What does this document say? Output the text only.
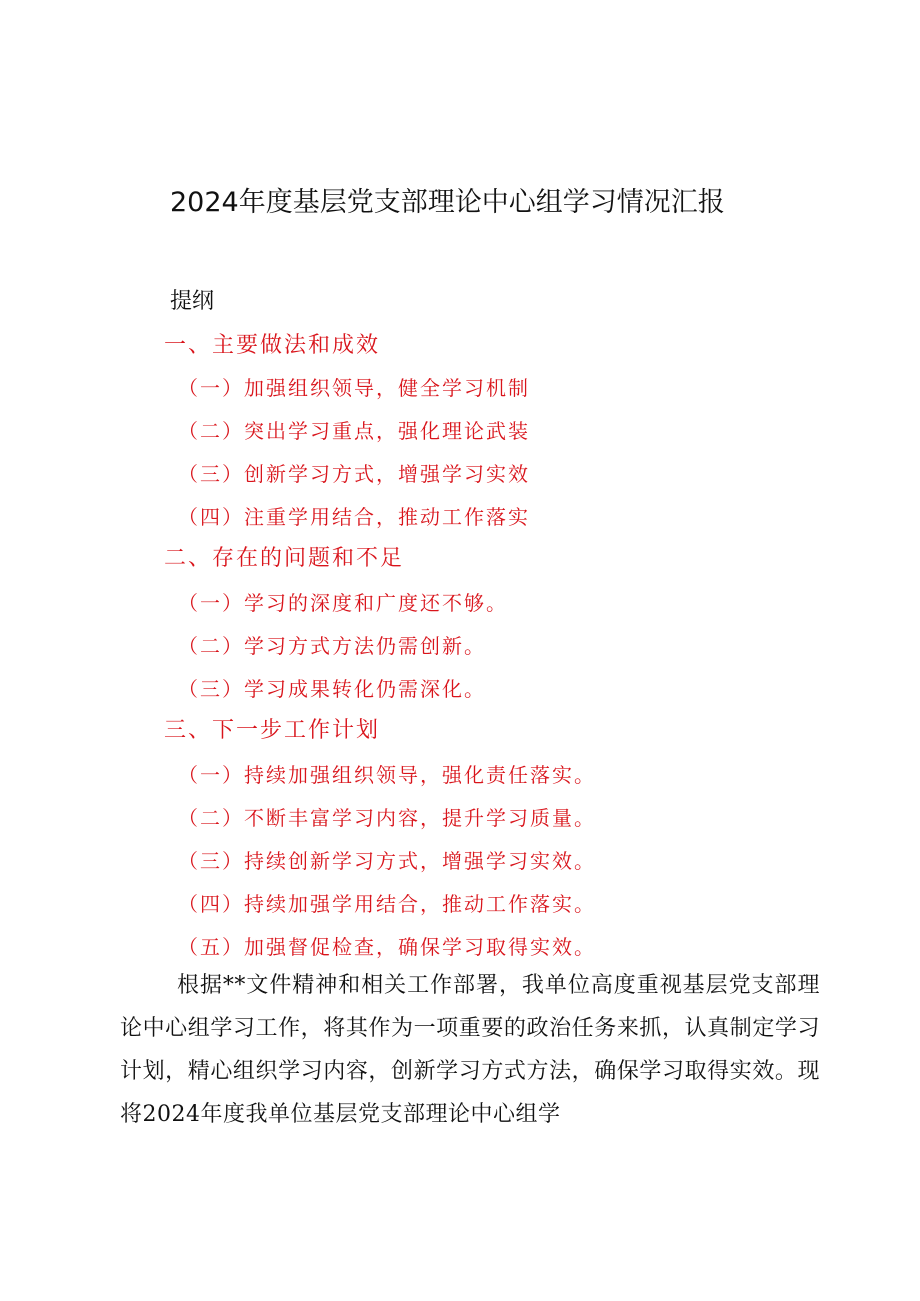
2024年度基层党支部理论中心组学习情况汇报
提纲
一、主要做法和成效
（一）加强组织领导，健全学习机制
（二）突出学习重点，强化理论武装
（三）创新学习方式，增强学习实效
（四）注重学用结合，推动工作落实
二、存在的问题和不足
（一）学习的深度和广度还不够。
（二）学习方式方法仍需创新。
（三）学习成果转化仍需深化。
三、下一步工作计划
（一）持续加强组织领导，强化责任落实。
（二）不断丰富学习内容，提升学习质量。
（三）持续创新学习方式，增强学习实效。
（四）持续加强学用结合，推动工作落实。
（五）加强督促检查，确保学习取得实效。

根据**文件精神和相关工作部署，我单位高度重视基层党支部理论中心组学习工作，将其作为一项重要的政治任务来抓，认真制定学习计划，精心组织学习内容，创新学习方式方法，确保学习取得实效。现将2024年度我单位基层党支部理论中心组学
